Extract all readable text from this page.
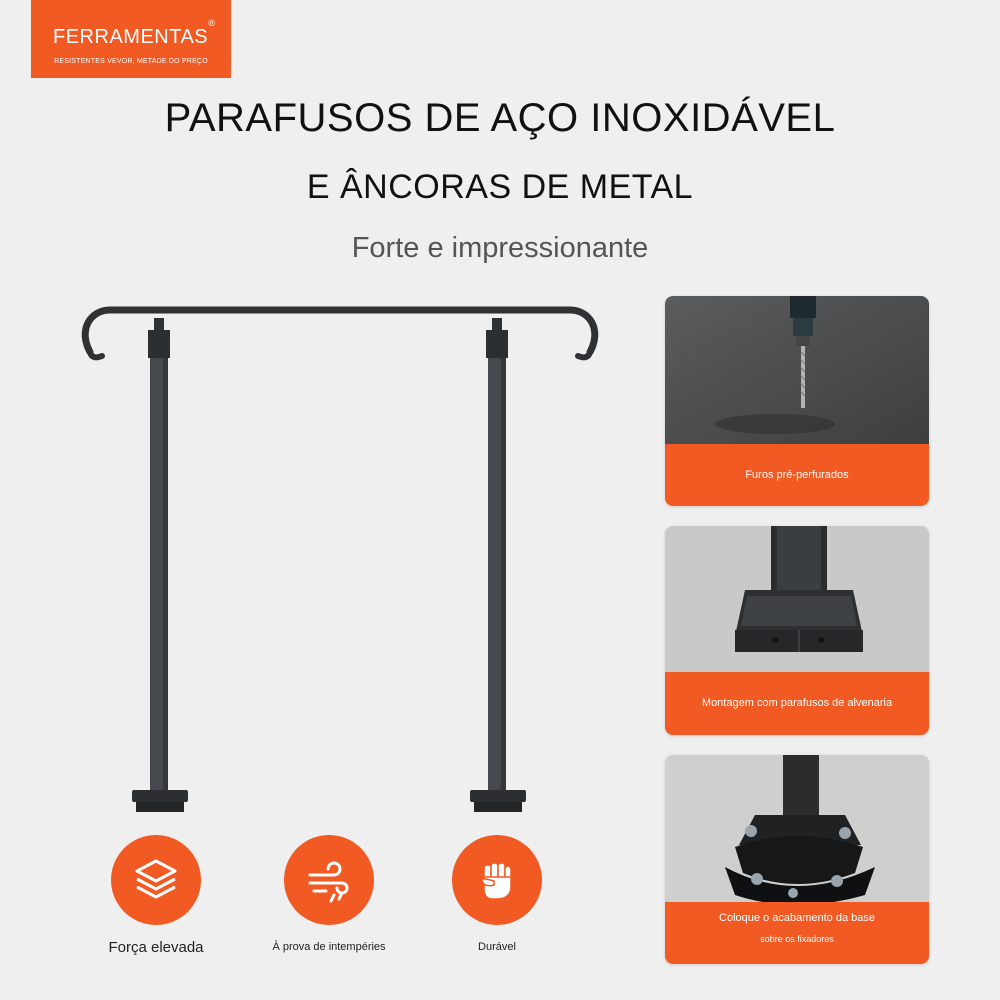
FERRAMENTAS
®
RESISTENTES VEVOR, METADE DO PREÇO
PARAFUSOS DE AÇO INOXIDÁVEL
E ÂNCORAS DE METAL
Forte e impressionante
Força elevada	À prova de intempéries	Durável
Furos pré-perfurados
Montagem com parafusos de alvenaria
Coloque o acabamento da base
sobre os fixadores
